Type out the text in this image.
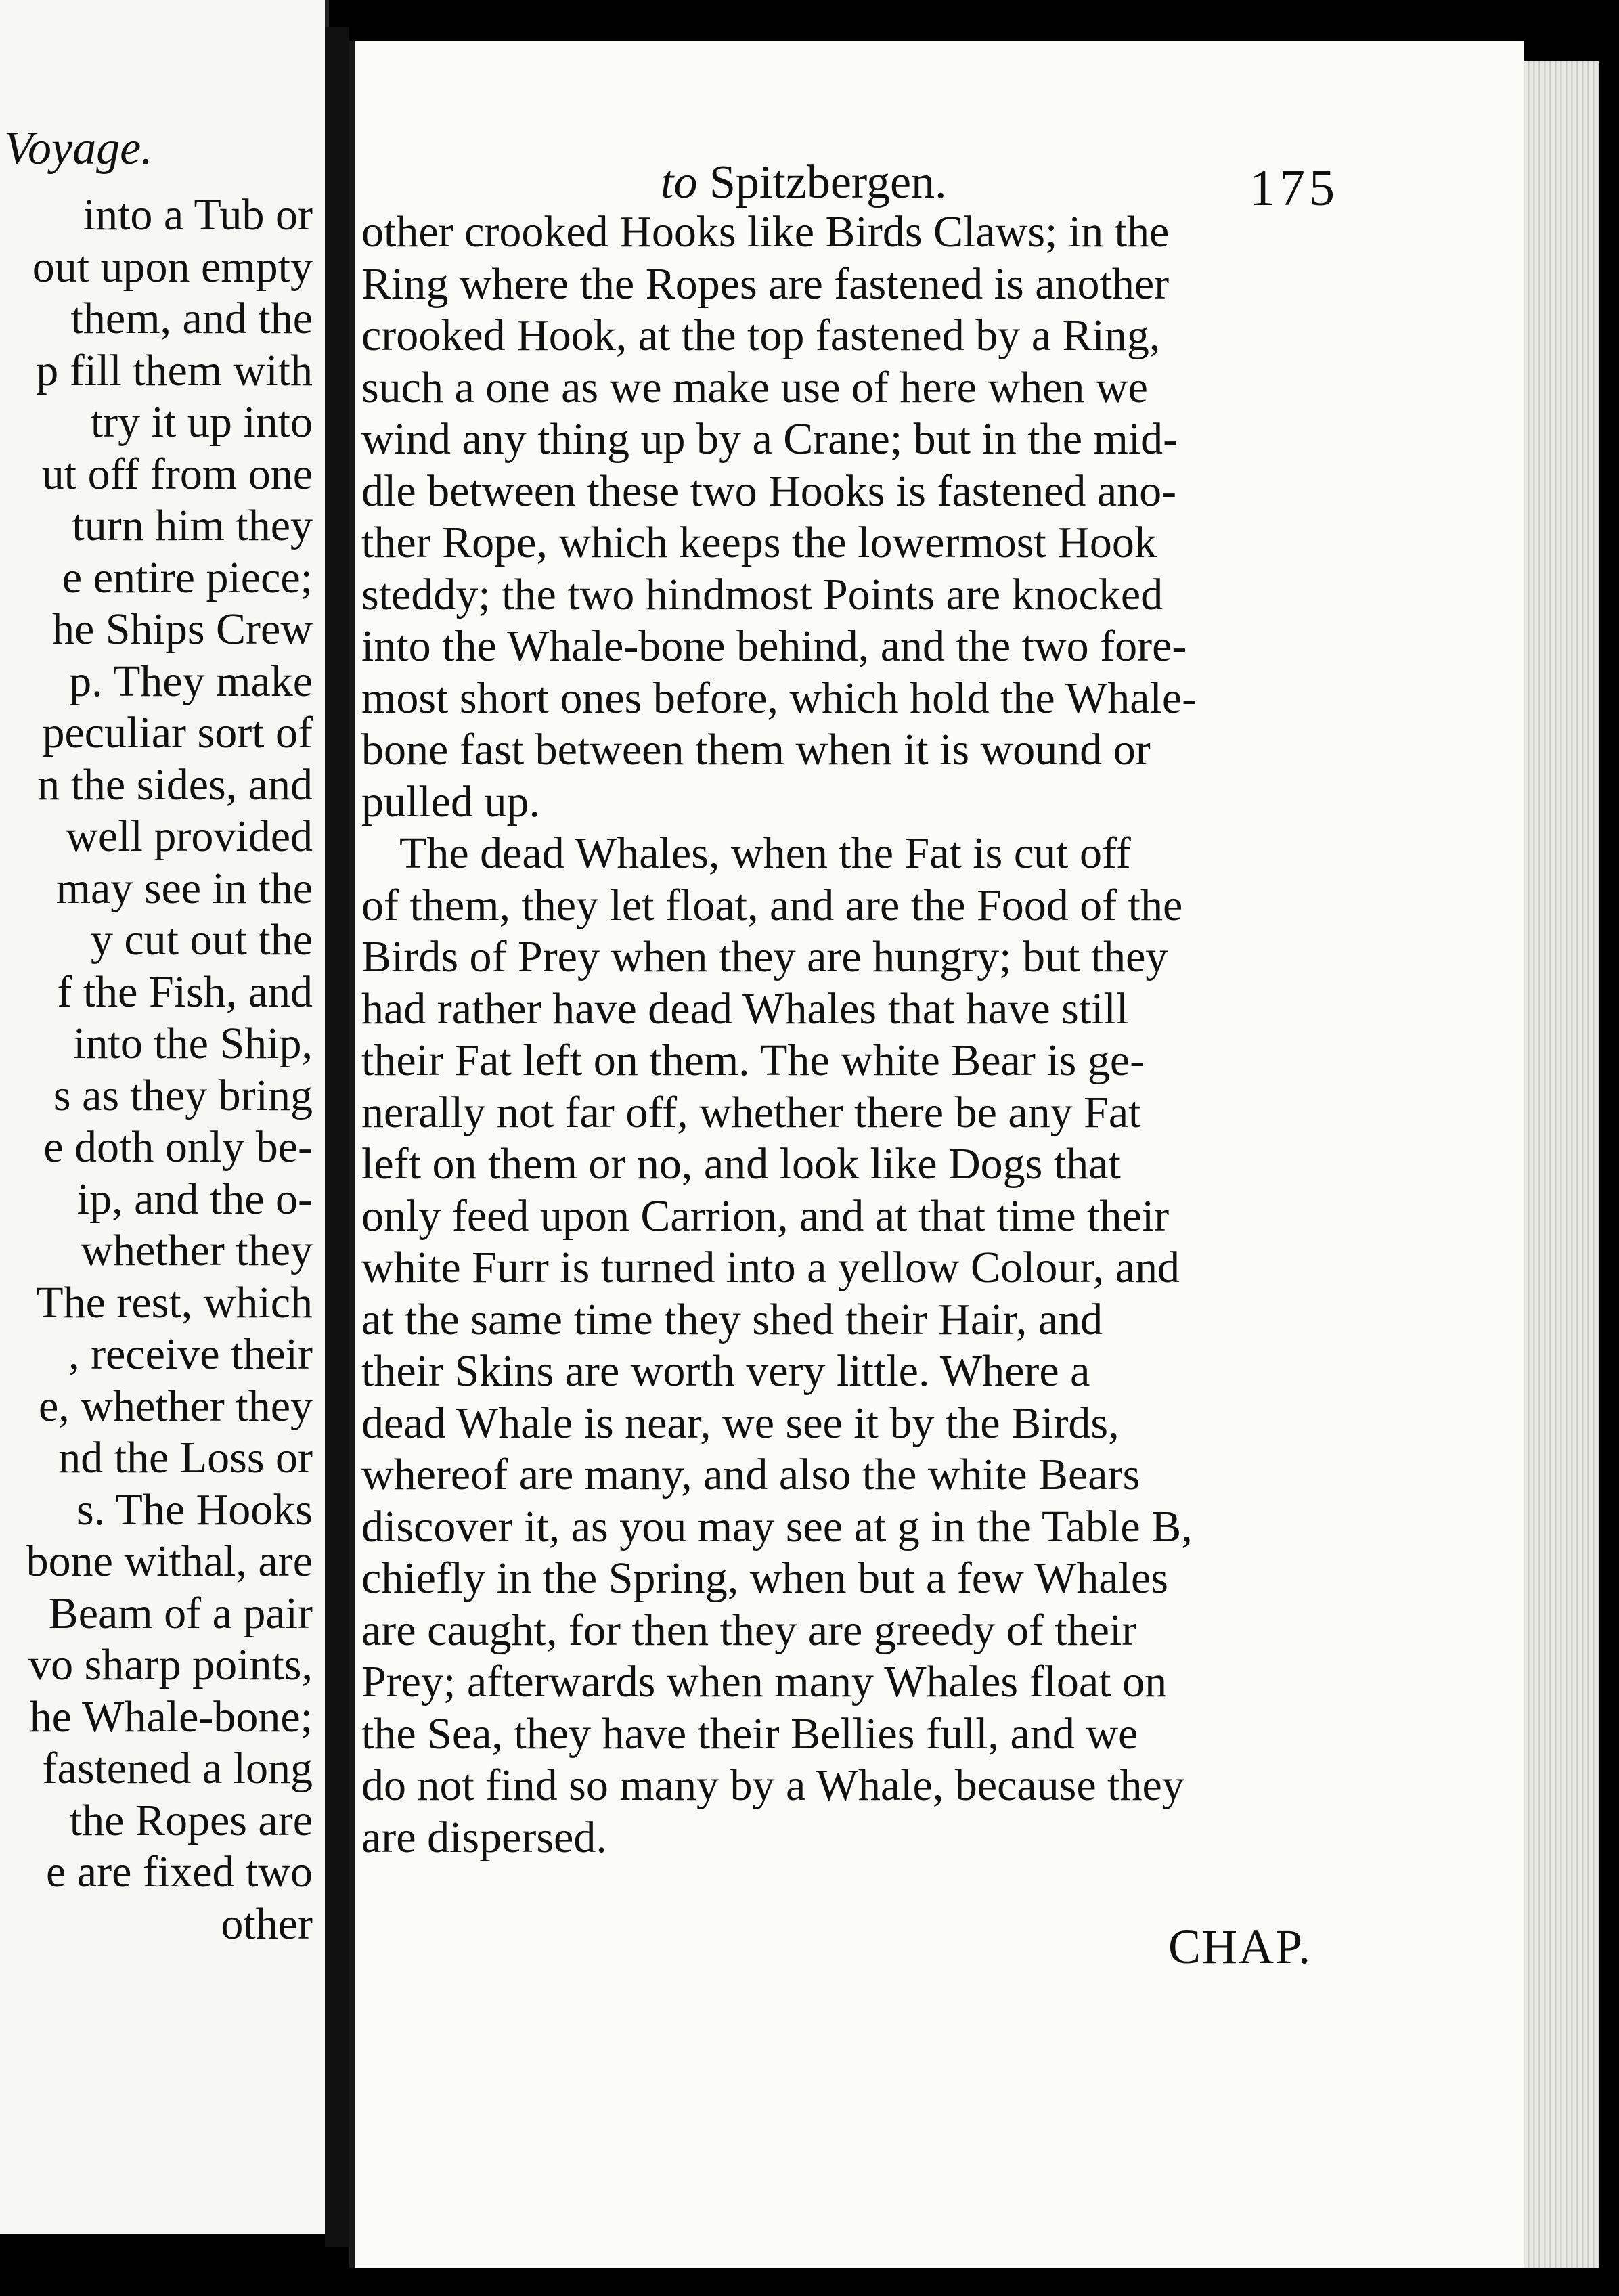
Voyage.
into a Tub or
out upon empty
them, and the
p fill them with
try it up into
ut off from one
turn him they
e entire piece;
he Ships Crew
p. They make
peculiar sort of
n the sides, and
well provided
may see in the
y cut out the
f the Fish, and
into the Ship,
s as they bring
e doth only be-
ip, and the o-
whether they
The rest, which
, receive their
e, whether they
nd the Loss or
s. The Hooks
bone withal, are
Beam of a pair
vo sharp points,
he Whale-bone;
fastened a long
the Ropes are
e are fixed two
other
to Spitzbergen.	175
other crooked Hooks like Birds Claws; in the
Ring where the Ropes are fastened is another
crooked Hook, at the top fastened by a Ring,
such a one as we make use of here when we
wind any thing up by a Crane; but in the mid-
dle between these two Hooks is fastened ano-
ther Rope, which keeps the lowermost Hook
steddy; the two hindmost Points are knocked
into the Whale-bone behind, and the two fore-
most short ones before, which hold the Whale-
bone fast between them when it is wound or
pulled up.
The dead Whales, when the Fat is cut off
of them, they let float, and are the Food of the
Birds of Prey when they are hungry; but they
had rather have dead Whales that have still
their Fat left on them. The white Bear is ge-
nerally not far off, whether there be any Fat
left on them or no, and look like Dogs that
only feed upon Carrion, and at that time their
white Furr is turned into a yellow Colour, and
at the same time they shed their Hair, and
their Skins are worth very little. Where a
dead Whale is near, we see it by the Birds,
whereof are many, and also the white Bears
discover it, as you may see at g in the Table B,
chiefly in the Spring, when but a few Whales
are caught, for then they are greedy of their
Prey; afterwards when many Whales float on
the Sea, they have their Bellies full, and we
do not find so many by a Whale, because they
are dispersed.
CHAP.
